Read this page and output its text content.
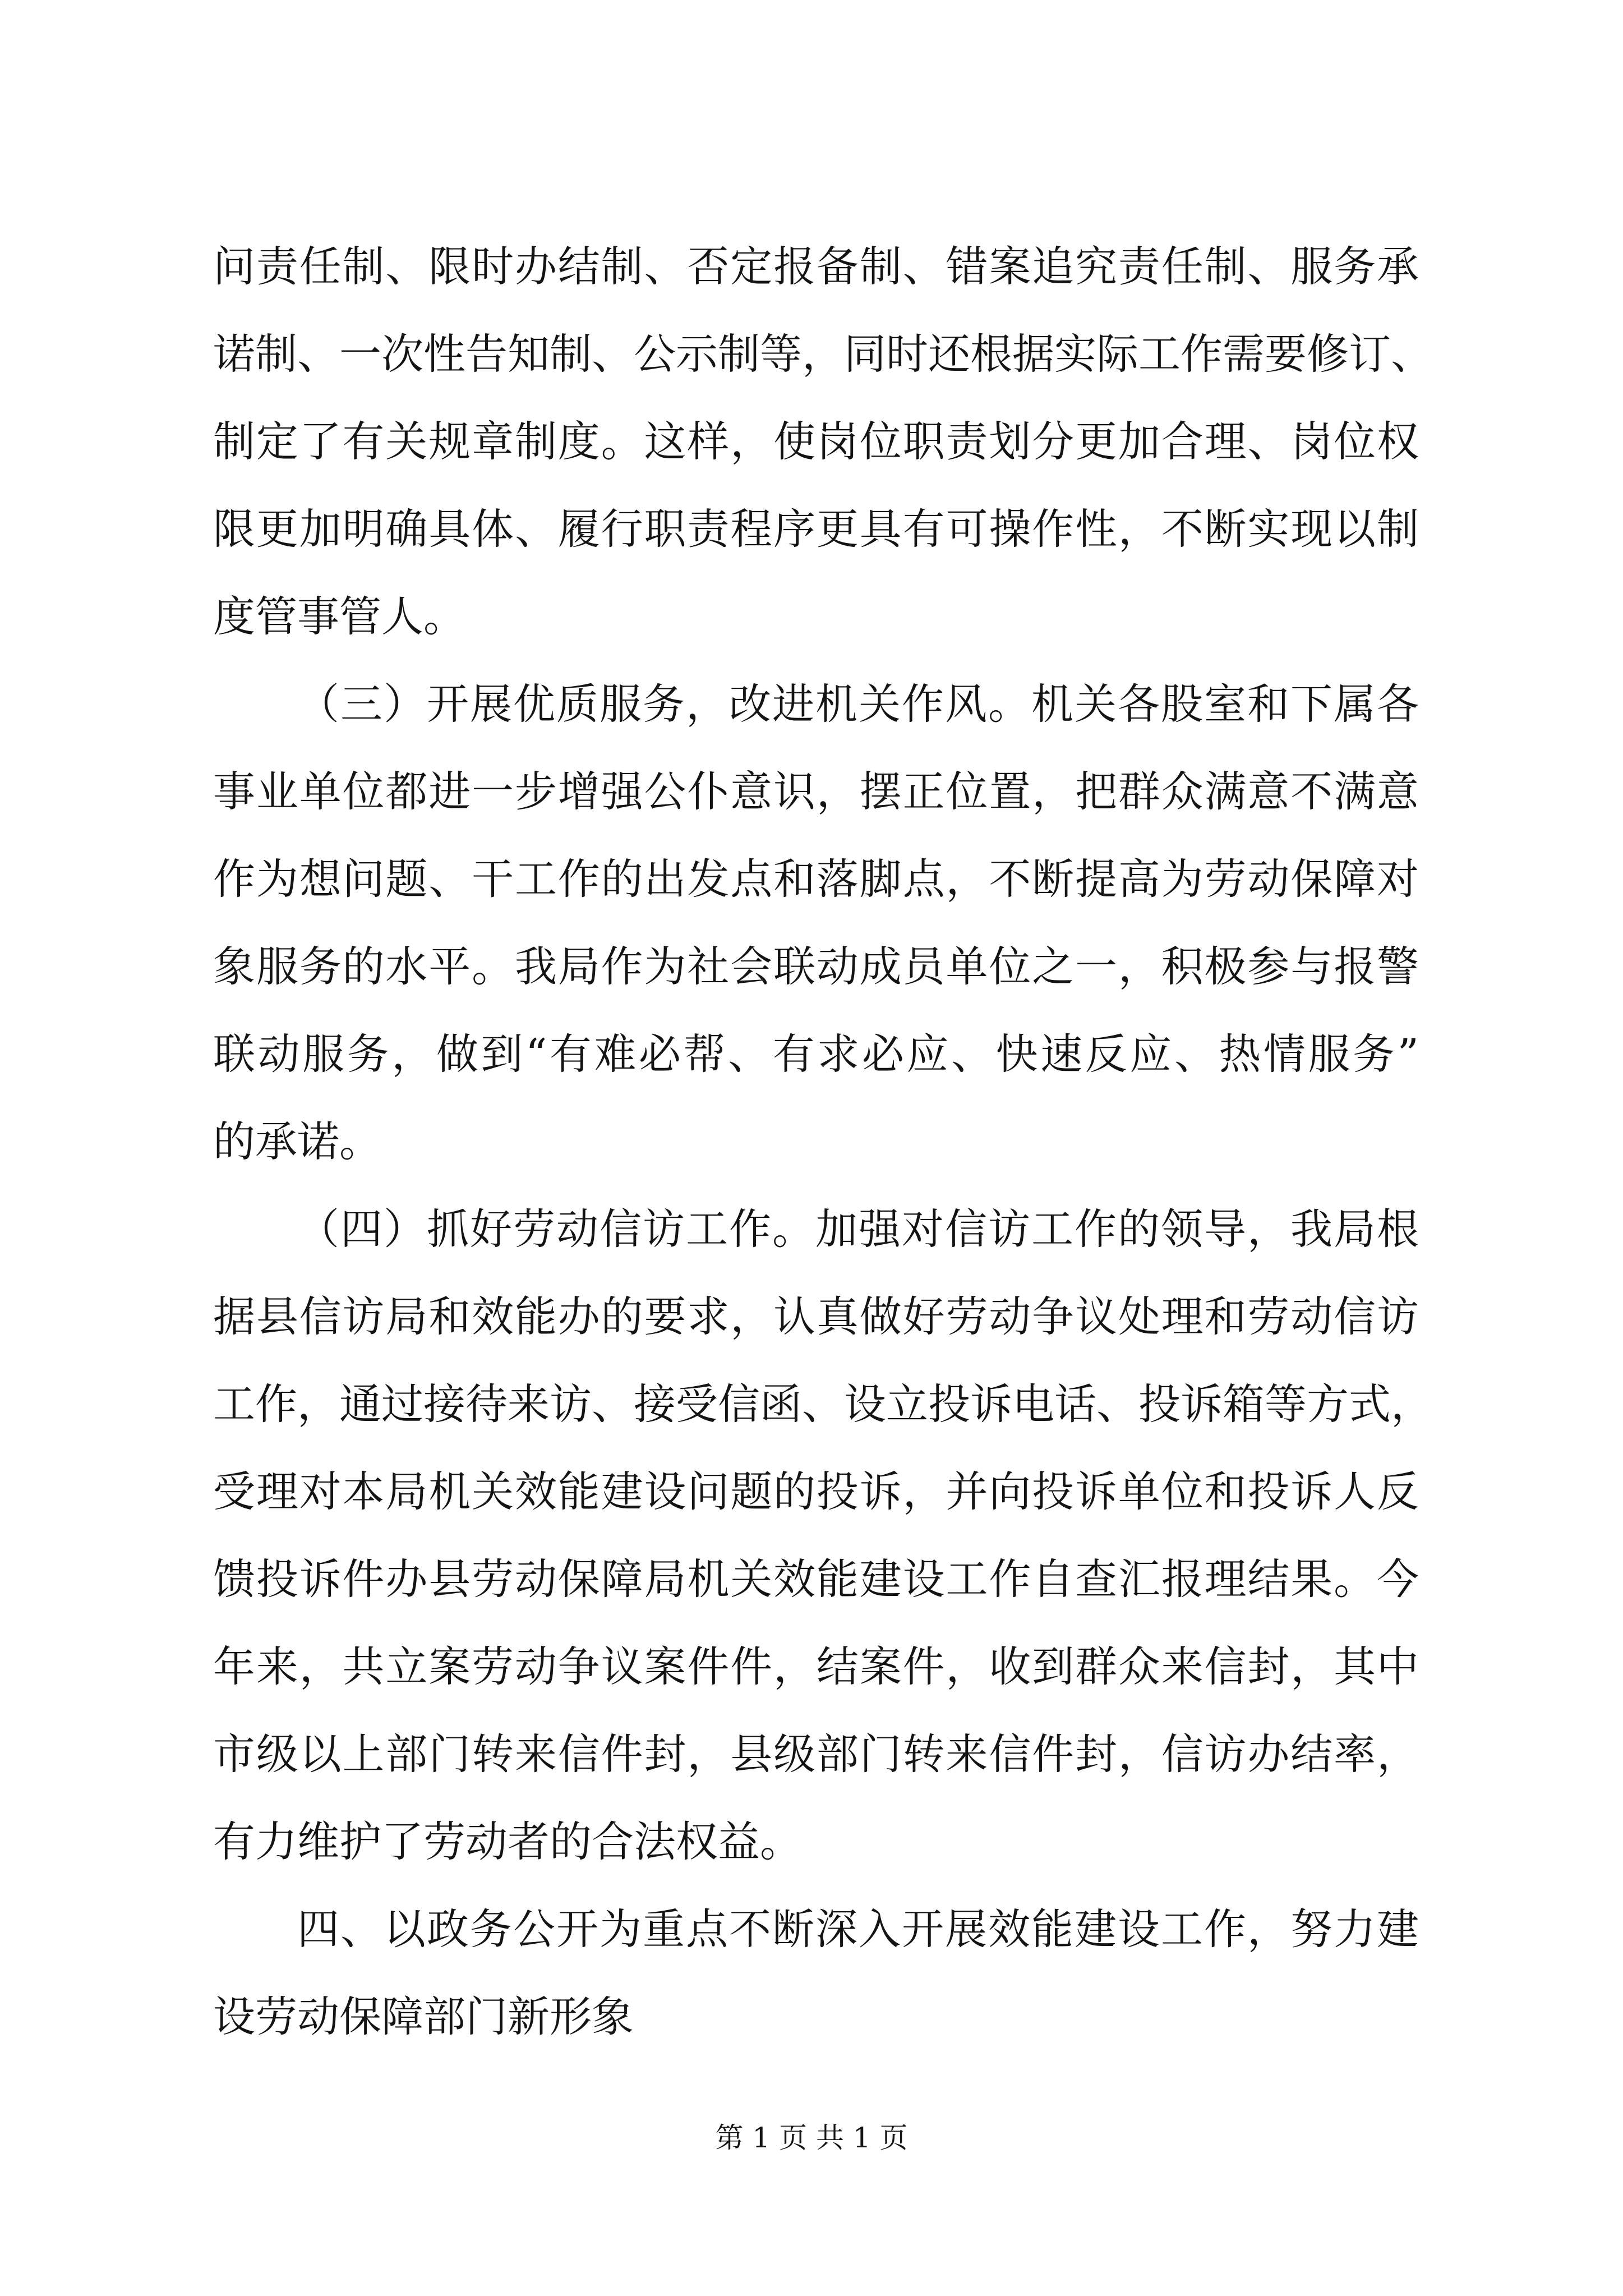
问责任制、限时办结制、否定报备制、错案追究责任制、服务承
诺制、一次性告知制、公示制等，同时还根据实际工作需要修订、
制定了有关规章制度。这样，使岗位职责划分更加合理、岗位权
限更加明确具体、履行职责程序更具有可操作性，不断实现以制
度管事管人。
（三）开展优质服务，改进机关作风。机关各股室和下属各
事业单位都进一步增强公仆意识，摆正位置，把群众满意不满意
作为想问题、干工作的出发点和落脚点，不断提高为劳动保障对
象服务的水平。我局作为社会联动成员单位之一，积极参与报警
联动服务，做到“有难必帮、有求必应、快速反应、热情服务”
的承诺。
（四）抓好劳动信访工作。加强对信访工作的领导，我局根
据县信访局和效能办的要求，认真做好劳动争议处理和劳动信访
工作，通过接待来访、接受信函、设立投诉电话、投诉箱等方式，
受理对本局机关效能建设问题的投诉，并向投诉单位和投诉人反
馈投诉件办县劳动保障局机关效能建设工作自查汇报理结果。今
年来，共立案劳动争议案件件，结案件，收到群众来信封，其中
市级以上部门转来信件封，县级部门转来信件封，信访办结率，
有力维护了劳动者的合法权益。
四、以政务公开为重点不断深入开展效能建设工作，努力建
设劳动保障部门新形象
第 1 页 共 1 页
